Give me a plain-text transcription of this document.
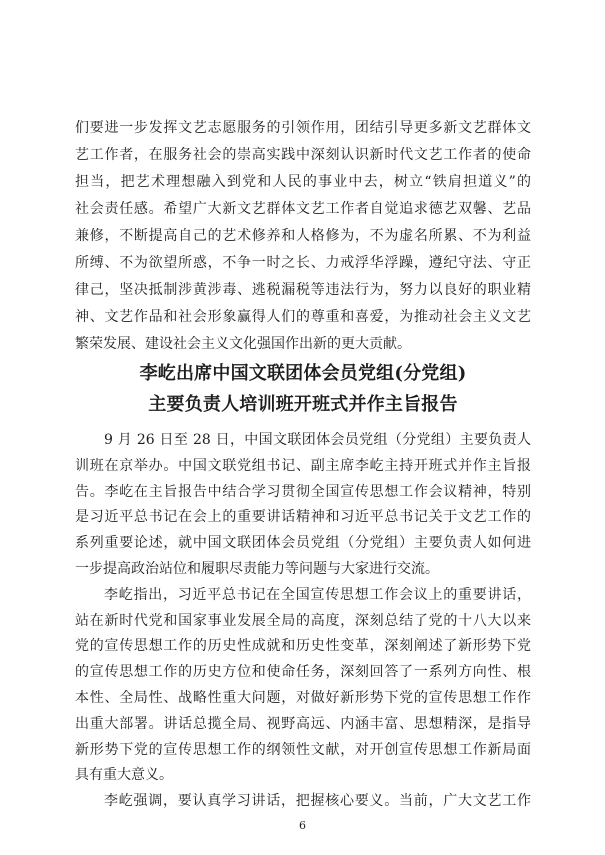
们要进一步发挥文艺志愿服务的引领作用，团结引导更多新文艺群体文
艺工作者，在服务社会的崇高实践中深刻认识新时代文艺工作者的使命
担当，把艺术理想融入到党和人民的事业中去，树立“铁肩担道义”的
社会责任感。希望广大新文艺群体文艺工作者自觉追求德艺双馨、艺品
兼修，不断提高自己的艺术修养和人格修为，不为虚名所累、不为利益
所缚、不为欲望所惑，不争一时之长、力戒浮华浮躁，遵纪守法、守正
律己，坚决抵制涉黄涉毒、逃税漏税等违法行为，努力以良好的职业精
神、文艺作品和社会形象赢得人们的尊重和喜爱，为推动社会主义文艺
繁荣发展、建设社会主义文化强国作出新的更大贡献。
李屹出席中国文联团体会员党组(分党组)
主要负责人培训班开班式并作主旨报告
9 月 26 日至 28 日，中国文联团体会员党组（分党组）主要负责人
训班在京举办。中国文联党组书记、副主席李屹主持开班式并作主旨报
告。李屹在主旨报告中结合学习贯彻全国宣传思想工作会议精神，特别
是习近平总书记在会上的重要讲话精神和习近平总书记关于文艺工作的
系列重要论述，就中国文联团体会员党组（分党组）主要负责人如何进
一步提高政治站位和履职尽责能力等问题与大家进行交流。
李屹指出，习近平总书记在全国宣传思想工作会议上的重要讲话，
站在新时代党和国家事业发展全局的高度，深刻总结了党的十八大以来
党的宣传思想工作的历史性成就和历史性变革，深刻阐述了新形势下党
的宣传思想工作的历史方位和使命任务，深刻回答了一系列方向性、根
本性、全局性、战略性重大问题，对做好新形势下党的宣传思想工作作
出重大部署。讲话总揽全局、视野高远、内涵丰富、思想精深，是指导
新形势下党的宣传思想工作的纲领性文献，对开创宣传思想工作新局面
具有重大意义。
李屹强调，要认真学习讲话，把握核心要义。当前，广大文艺工作
6
